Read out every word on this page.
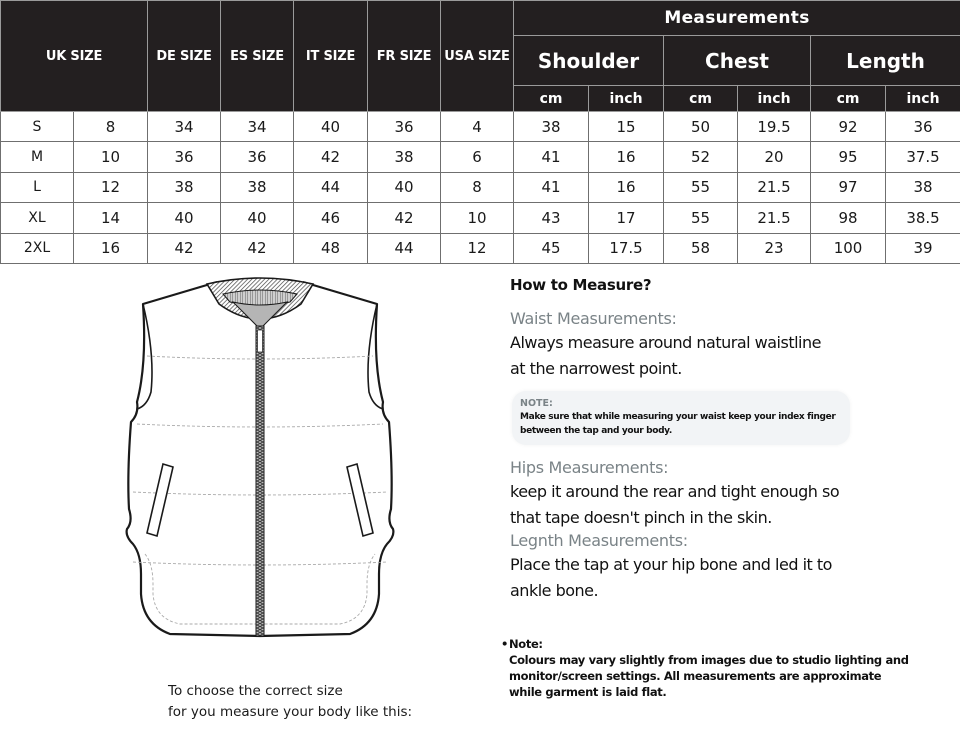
UK SIZE		DE SIZE	ES SIZE	IT SIZE	FR SIZE	USA SIZE	Measurements					
							Shoulder		Chest		Length	
							cm	inch	cm	inch	cm	inch
S	8	34	34	40	36	4	38	15	50	19.5	92	36
M	10	36	36	42	38	6	41	16	52	20	95	37.5
L	12	38	38	44	40	8	41	16	55	21.5	97	38
XL	14	40	40	46	42	10	43	17	55	21.5	98	38.5
2XL	16	42	42	48	44	12	45	17.5	58	23	100	39
To choose the correct size
for you measure your body like this:
How to Measure?
Waist Measurements:
Always measure around natural waistline
at the narrowest point.
NOTE:
Make sure that while measuring your waist keep your index finger
between the tap and your body.
Hips Measurements:
keep it around the rear and tight enough so
that tape doesn't pinch in the skin.
Legnth Measurements:
Place the tap at your hip bone and led it to
ankle bone.
•Note:
Colours may vary slightly from images due to studio lighting and
monitor/screen settings. All measurements are approximate
while garment is laid flat.
